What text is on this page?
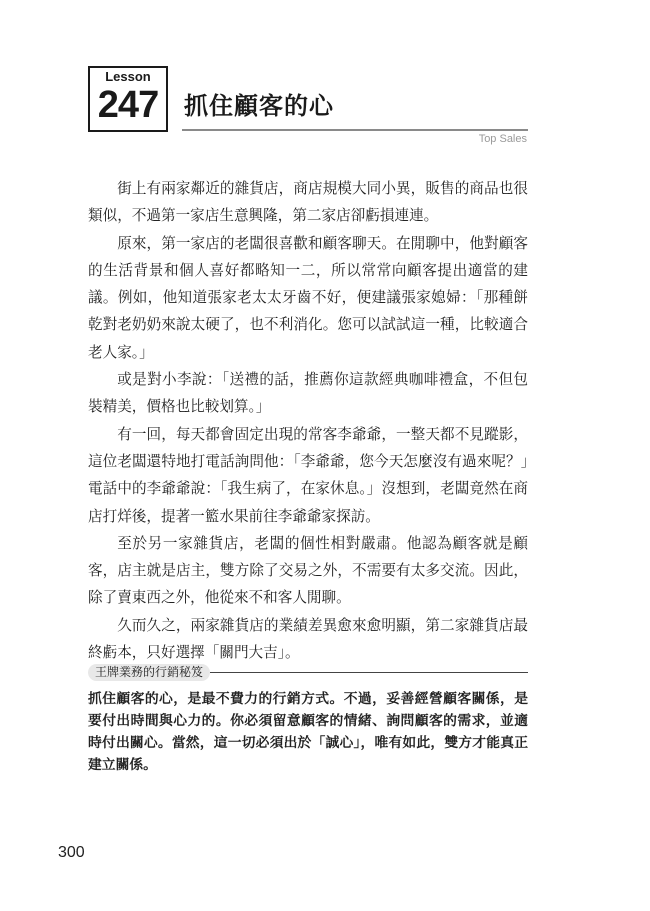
Lesson
247	抓住顧客的心
Top Sales

街上有兩家鄰近的雜貨店，商店規模大同小異，販售的商品也很類似，不過第一家店生意興隆，第二家店卻虧損連連。

原來，第一家店的老闆很喜歡和顧客聊天。在閒聊中，他對顧客的生活背景和個人喜好都略知一二，所以常常向顧客提出適當的建議。例如，他知道張家老太太牙齒不好，便建議張家媳婦：「那種餅乾對老奶奶來說太硬了，也不利消化。您可以試試這一種，比較適合老人家。」

或是對小李說：「送禮的話，推薦你這款經典咖啡禮盒，不但包裝精美，價格也比較划算。」

有一回，每天都會固定出現的常客李爺爺，一整天都不見蹤影，這位老闆還特地打電話詢問他：「李爺爺，您今天怎麼沒有過來呢？」電話中的李爺爺說：「我生病了，在家休息。」沒想到，老闆竟然在商店打烊後，提著一籃水果前往李爺爺家探訪。

至於另一家雜貨店，老闆的個性相對嚴肅。他認為顧客就是顧客，店主就是店主，雙方除了交易之外，不需要有太多交流。因此，除了賣東西之外，他從來不和客人閒聊。

久而久之，兩家雜貨店的業績差異愈來愈明顯，第二家雜貨店最終虧本，只好選擇「關門大吉」。

王牌業務的行銷秘笈

抓住顧客的心，是最不費力的行銷方式。不過，妥善經營顧客關係，是要付出時間與心力的。你必須留意顧客的情緒、詢問顧客的需求，並適時付出關心。當然，這一切必須出於「誠心」，唯有如此，雙方才能真正建立關係。

300
